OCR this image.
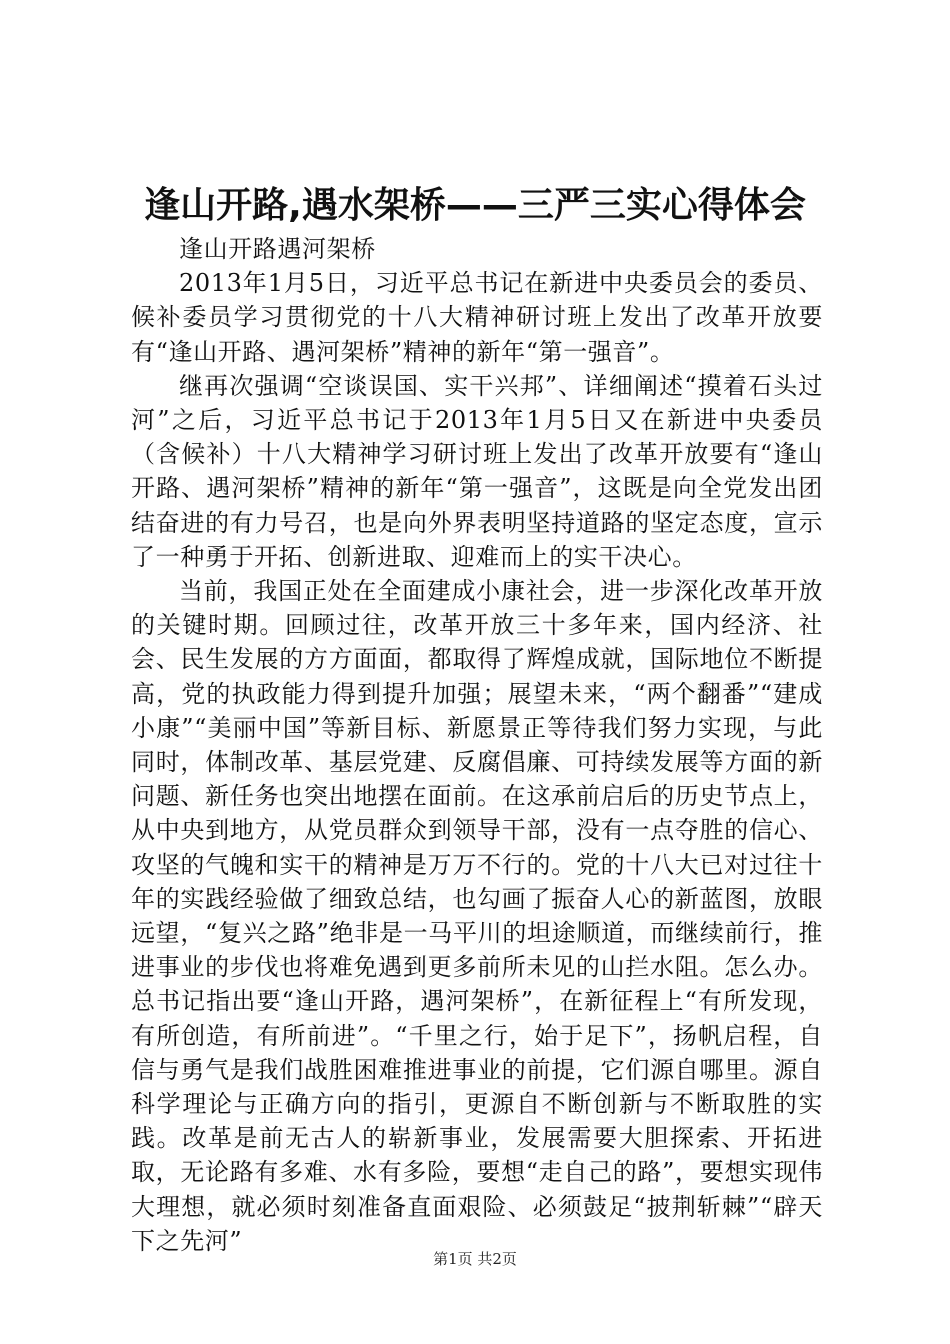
逢山开路,遇水架桥——三严三实心得体会

逢山开路遇河架桥

2013年1月5日，习近平总书记在新进中央委员会的委员、候补委员学习贯彻党的十八大精神研讨班上发出了改革开放要有“逢山开路、遇河架桥”精神的新年“第一强音”。

继再次强调“空谈误国、实干兴邦”、详细阐述“摸着石头过河”之后，习近平总书记于2013年1月5日又在新进中央委员（含候补）十八大精神学习研讨班上发出了改革开放要有“逢山开路、遇河架桥”精神的新年“第一强音”，这既是向全党发出团结奋进的有力号召，也是向外界表明坚持道路的坚定态度，宣示了一种勇于开拓、创新进取、迎难而上的实干决心。

当前，我国正处在全面建成小康社会，进一步深化改革开放的关键时期。回顾过往，改革开放三十多年来，国内经济、社会、民生发展的方方面面，都取得了辉煌成就，国际地位不断提高，党的执政能力得到提升加强；展望未来，“两个翻番”“建成小康”“美丽中国”等新目标、新愿景正等待我们努力实现，与此同时，体制改革、基层党建、反腐倡廉、可持续发展等方面的新问题、新任务也突出地摆在面前。在这承前启后的历史节点上，从中央到地方，从党员群众到领导干部，没有一点夺胜的信心、攻坚的气魄和实干的精神是万万不行的。党的十八大已对过往十年的实践经验做了细致总结，也勾画了振奋人心的新蓝图，放眼远望，“复兴之路”绝非是一马平川的坦途顺道，而继续前行，推进事业的步伐也将难免遇到更多前所未见的山拦水阻。怎么办。总书记指出要“逢山开路，遇河架桥”，在新征程上“有所发现，有所创造，有所前进”。“千里之行，始于足下”，扬帆启程，自信与勇气是我们战胜困难推进事业的前提，它们源自哪里。源自科学理论与正确方向的指引，更源自不断创新与不断取胜的实践。改革是前无古人的崭新事业，发展需要大胆探索、开拓进取，无论路有多难、水有多险，要想“走自己的路”，要想实现伟大理想，就必须时刻准备直面艰险、必须鼓足“披荆斩棘”“辟天下之先河”

第1页 共2页
